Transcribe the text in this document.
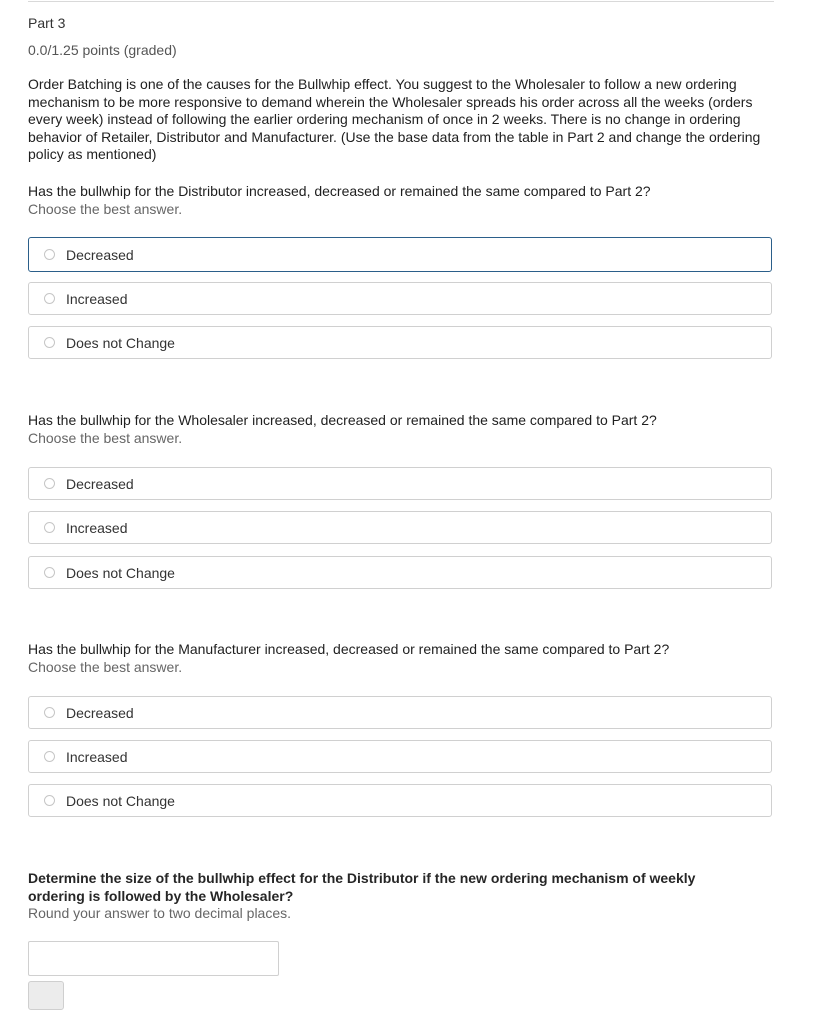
Part 3
0.0/1.25 points (graded)

Order Batching is one of the causes for the Bullwhip effect. You suggest to the Wholesaler to follow a new ordering mechanism to be more responsive to demand wherein the Wholesaler spreads his order across all the weeks (orders every week) instead of following the earlier ordering mechanism of once in 2 weeks. There is no change in ordering behavior of Retailer, Distributor and Manufacturer. (Use the base data from the table in Part 2 and change the ordering policy as mentioned)

Has the bullwhip for the Distributor increased, decreased or remained the same compared to Part 2?

Choose the best answer.
Decreased
Increased
Does not Change

Has the bullwhip for the Wholesaler increased, decreased or remained the same compared to Part 2?

Choose the best answer.
Decreased
Increased
Does not Change

Has the bullwhip for the Manufacturer increased, decreased or remained the same compared to Part 2?

Choose the best answer.
Decreased
Increased
Does not Change

Determine the size of the bullwhip effect for the Distributor if the new ordering mechanism of weekly ordering is followed by the Wholesaler?

Round your answer to two decimal places.
